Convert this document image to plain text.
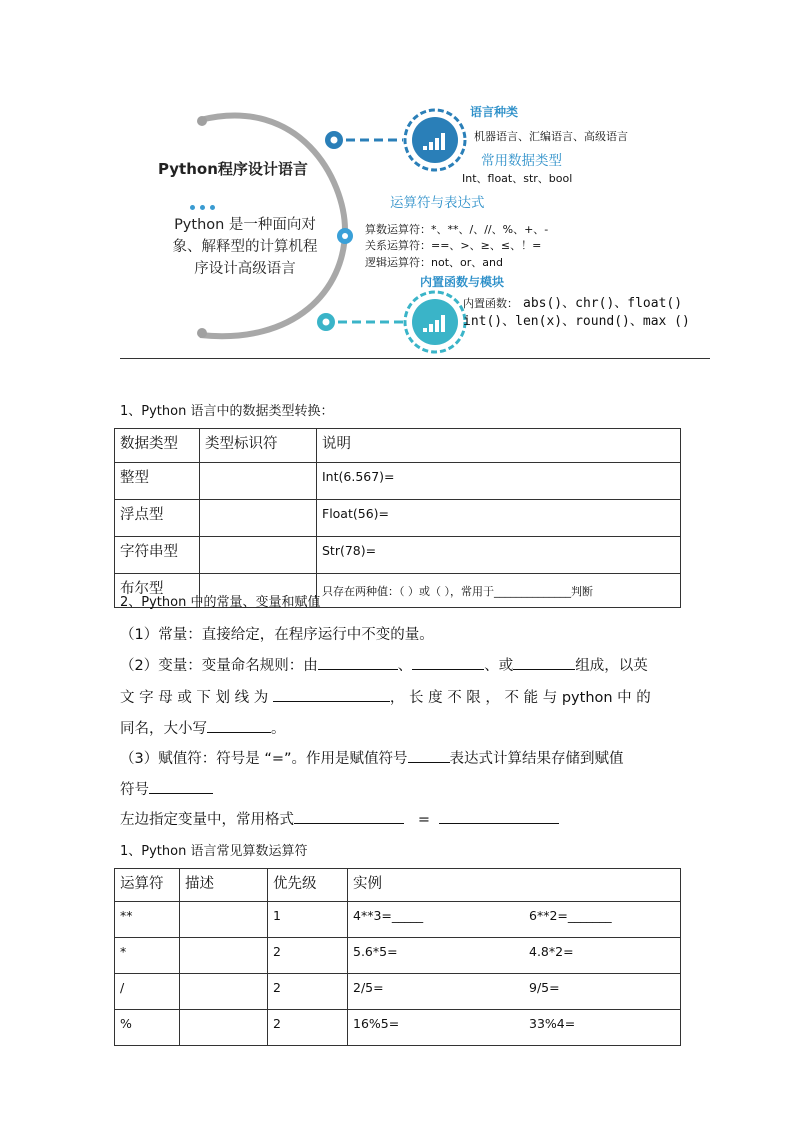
Python程序设计语言
Python 是一种面向对象、解释型的计算机程序设计高级语言
语言种类
机器语言、汇编语言、高级语言
常用数据类型
Int、float、str、bool
运算符与表达式
算数运算符：*、**、/、//、%、+、-
关系运算符：==、>、≥、≤、！=
逻辑运算符：not、or、and
内置函数与模块
内置函数： abs()、chr()、float()
int()、len(x)、round()、max ()
1、Python 语言中的数据类型转换：
数据类型	类型标识符	说明
整型		Int(6.567)=
浮点型		Float(56)=
字符串型		Str(78)=
布尔型		只存在两种值：（ ）或（ ），常用于______________判断
2、Python 中的常量、变量和赋值
（1）常量：直接给定，在程序运行中不变的量。
（2）变量：变量命名规则：由	、	、或	组成，以英
文 字 母 或 下 划 线 为	， 长 度 不 限 ， 不 能 与 python 中 的
同名，大小写	。
（3）赋值符：符号是 “=”。作用是赋值符号	表达式计算结果存储到赋值
符号
左边指定变量中，常用格式	=
1、Python 语言常见算数运算符
运算符	描述	优先级	实例
**		1	4**3=_____ 6**2=_______
*		2	5.6*5= 4.8*2=
/		2	2/5= 9/5=
%		2	16%5= 33%4=
